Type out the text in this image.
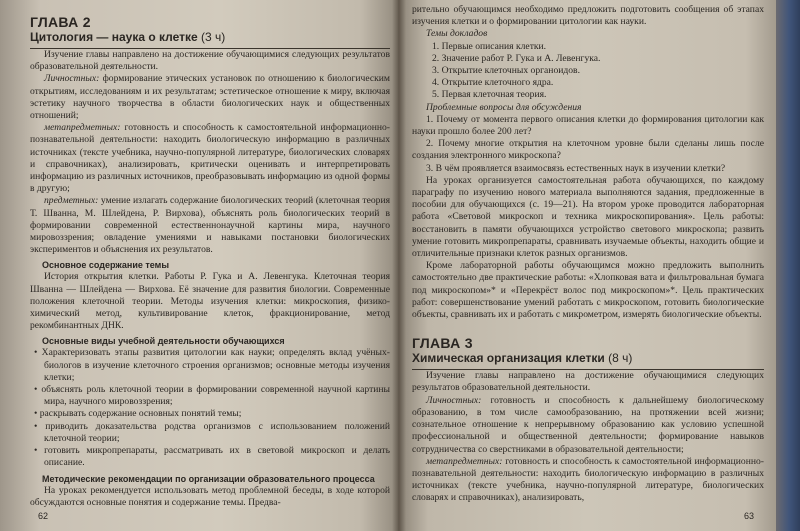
ГЛАВА 2
Цитология — наука о клетке (3 ч)

Изучение главы направлено на достижение обучающимися следующих результатов образовательной деятельности.

Личностных: формирование этических установок по отношению к биологическим открытиям, исследованиям и их результатам; эстетическое отношение к миру, включая эстетику научного творчества в области биологических наук и общественных отношений;

метапредметных: готовность и способность к самостоятельной информационно-познавательной деятельности: находить биологическую информацию в различных источниках (тексте учебника, научно-популярной литературе, биологических словарях и справочниках), анализировать, критически оценивать и интерпретировать информацию из различных источников, преобразовывать информацию из одной формы в другую;

предметных: умение излагать содержание биологических теорий (клеточная теория Т. Шванна, М. Шлейдена, Р. Вирхова), объяснять роль биологических теорий в формировании современной естественнонаучной картины мира, научного мировоззрения; овладение умениями и навыками постановки биологических экспериментов и объяснения их результатов.

Основное содержание темы

История открытия клетки. Работы Р. Гука и А. Левенгука. Клеточная теория Шванна — Шлейдена — Вирхова. Её значение для развития биологии. Современные положения клеточной теории. Методы изучения клетки: микроскопия, физико-химический метод, культивирование клеток, фракционирование, метод рекомбинантных ДНК.

Основные виды учебной деятельности обучающихся

• Характеризовать этапы развития цитологии как науки; определять вклад учёных-биологов в изучение клеточного строения организмов; основные методы изучения клетки;

• объяснять роль клеточной теории в формировании современной научной картины мира, научного мировоззрения;

• раскрывать содержание основных понятий темы;

• приводить доказательства родства организмов с использованием положений клеточной теории;

• готовить микропрепараты, рассматривать их в световой микроскоп и делать описание.

Методические рекомендации по организации образовательного процесса

На уроках рекомендуется использовать метод проблемной беседы, в ходе которой обсуждаются основные понятия и содержание темы. Предва-

62

рительно обучающимся необходимо предложить подготовить сообщения об этапах изучения клетки и о формировании цитологии как науки.

Темы докладов

1. Первые описания клетки.
2. Значение работ Р. Гука и А. Левенгука.
3. Открытие клеточных органоидов.
4. Открытие клеточного ядра.
5. Первая клеточная теория.

Проблемные вопросы для обсуждения

1. Почему от момента первого описания клетки до формирования цитологии как науки прошло более 200 лет?

2. Почему многие открытия на клеточном уровне были сделаны лишь после создания электронного микроскопа?

3. В чём проявляется взаимосвязь естественных наук в изучении клетки?

На уроках организуется самостоятельная работа обучающихся, по каждому параграфу по изучению нового материала выполняются задания, предложенные в пособии для обучающихся (с. 19—21). На втором уроке проводится лабораторная работа «Световой микроскоп и техника микроскопирования». Цель работы: восстановить в памяти обучающихся устройство светового микроскопа; развить умение готовить микропрепараты, сравнивать изучаемые объекты, находить общие и отличительные признаки клеток разных организмов.

Кроме лабораторной работы обучающимся можно предложить выполнить самостоятельно две практические работы: «Хлопковая вата и фильтровальная бумага под микроскопом»* и «Перекрёст волос под микроскопом»*. Цель практических работ: совершенствование умений работать с микроскопом, готовить биологические объекты, сравнивать их и работать с микрометром, измерять биологические объекты.

ГЛАВА 3
Химическая организация клетки (8 ч)

Изучение главы направлено на достижение обучающимися следующих результатов образовательной деятельности.

Личностных: готовность и способность к дальнейшему биологическому образованию, в том числе самообразованию, на протяжении всей жизни; сознательное отношение к непрерывному образованию как условию успешной профессиональной и общественной деятельности; формирование навыков сотрудничества со сверстниками в образовательной деятельности;

метапредметных: готовность и способность к самостоятельной информационно-познавательной деятельности: находить биологическую информацию в различных источниках (тексте учебника, научно-популярной литературе, биологических словарях и справочниках), анализировать,

63
